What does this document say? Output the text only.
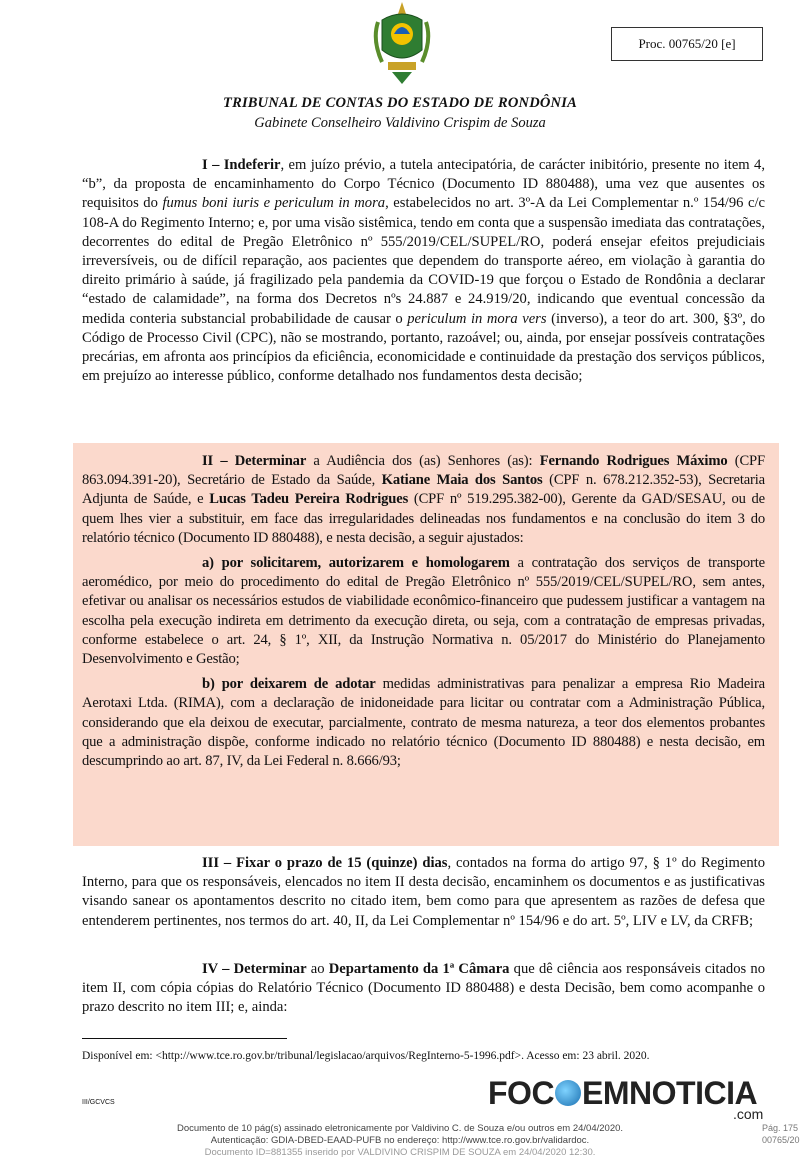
Proc. 00765/20 [e]
TRIBUNAL DE CONTAS DO ESTADO DE RONDÔNIA
Gabinete Conselheiro Valdivino Crispim de Souza

I – Indeferir, em juízo prévio, a tutela antecipatória, de carácter inibitório, presente no item 4, “b”, da proposta de encaminhamento do Corpo Técnico (Documento ID 880488), uma vez que ausentes os requisitos do fumus boni iuris e periculum in mora, estabelecidos no art. 3º-A da Lei Complementar n.º 154/96 c/c 108-A do Regimento Interno; e, por uma visão sistêmica, tendo em conta que a suspensão imediata das contratações, decorrentes do edital de Pregão Eletrônico nº 555/2019/CEL/SUPEL/RO, poderá ensejar efeitos prejudiciais irreversíveis, ou de difícil reparação, aos pacientes que dependem do transporte aéreo, em violação à garantia do direito primário à saúde, já fragilizado pela pandemia da COVID-19 que forçou o Estado de Rondônia a declarar “estado de calamidade”, na forma dos Decretos nºs 24.887 e 24.919/20, indicando que eventual concessão da medida conteria substancial probabilidade de causar o periculum in mora vers (inverso), a teor do art. 300, §3º, do Código de Processo Civil (CPC), não se mostrando, portanto, razoável; ou, ainda, por ensejar possíveis contratações precárias, em afronta aos princípios da eficiência, economicidade e continuidade da prestação dos serviços públicos, em prejuízo ao interesse público, conforme detalhado nos fundamentos desta decisão;

II – Determinar a Audiência dos (as) Senhores (as): Fernando Rodrigues Máximo (CPF 863.094.391-20), Secretário de Estado da Saúde, Katiane Maia dos Santos (CPF n. 678.212.352-53), Secretaria Adjunta de Saúde, e Lucas Tadeu Pereira Rodrigues (CPF nº 519.295.382-00), Gerente da GAD/SESAU, ou de quem lhes vier a substituir, em face das irregularidades delineadas nos fundamentos e na conclusão do item 3 do relatório técnico (Documento ID 880488), e nesta decisão, a seguir ajustados:

a) por solicitarem, autorizarem e homologarem a contratação dos serviços de transporte aeromédico, por meio do procedimento do edital de Pregão Eletrônico nº 555/2019/CEL/SUPEL/RO, sem antes, efetivar ou analisar os necessários estudos de viabilidade econômico-financeiro que pudessem justificar a vantagem na escolha pela execução indireta em detrimento da execução direta, ou seja, com a contratação de empresas privadas, conforme estabelece o art. 24, § 1º, XII, da Instrução Normativa n. 05/2017 do Ministério do Planejamento Desenvolvimento e Gestão;

b) por deixarem de adotar medidas administrativas para penalizar a empresa Rio Madeira Aerotaxi Ltda. (RIMA), com a declaração de inidoneidade para licitar ou contratar com a Administração Pública, considerando que ela deixou de executar, parcialmente, contrato de mesma natureza, a teor dos elementos probantes que a administração dispõe, conforme indicado no relatório técnico (Documento ID 880488) e nesta decisão, em descumprindo ao art. 87, IV, da Lei Federal n. 8.666/93;

III – Fixar o prazo de 15 (quinze) dias, contados na forma do artigo 97, § 1º do Regimento Interno, para que os responsáveis, elencados no item II desta decisão, encaminhem os documentos e as justificativas visando sanear os apontamentos descrito no citado item, bem como para que apresentem as razões de defesa que entenderem pertinentes, nos termos do art. 40, II, da Lei Complementar nº 154/96 e do art. 5º, LIV e LV, da CRFB;

IV – Determinar ao Departamento da 1ª Câmara que dê ciência aos responsáveis citados no item II, com cópia cópias do Relatório Técnico (Documento ID 880488) e desta Decisão, bem como acompanhe o prazo descrito no item III; e, ainda:

Disponível em: <http://www.tce.ro.gov.br/tribunal/legislacao/arquivos/RegInterno-5-1996.pdf>. Acesso em: 23 abril. 2020.
III/GCVCS	FOC EMNOTICIA
.com
Documento de 10 pág(s) assinado eletronicamente por Valdivino C. de Souza e/ou outros em 24/04/2020.
Autenticação: GDIA-DBED-EAAD-PUFB no endereço: http://www.tce.ro.gov.br/validardoc.
Documento ID=881355 inserido por VALDIVINO CRISPIM DE SOUZA em 24/04/2020 12:30.
Pág. 175
00765/20
